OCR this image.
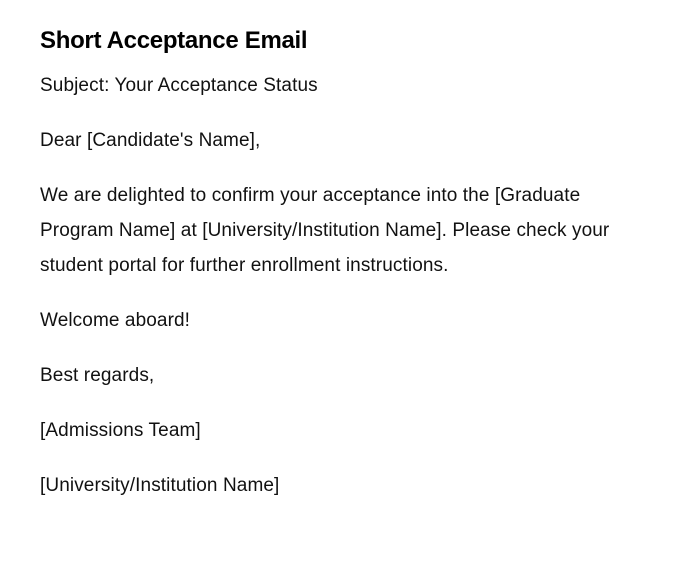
Short Acceptance Email

Subject: Your Acceptance Status

Dear [Candidate's Name],

We are delighted to confirm your acceptance into the [Graduate Program Name] at [University/Institution Name]. Please check your student portal for further enrollment instructions.

Welcome aboard!

Best regards,

[Admissions Team]

[University/Institution Name]
